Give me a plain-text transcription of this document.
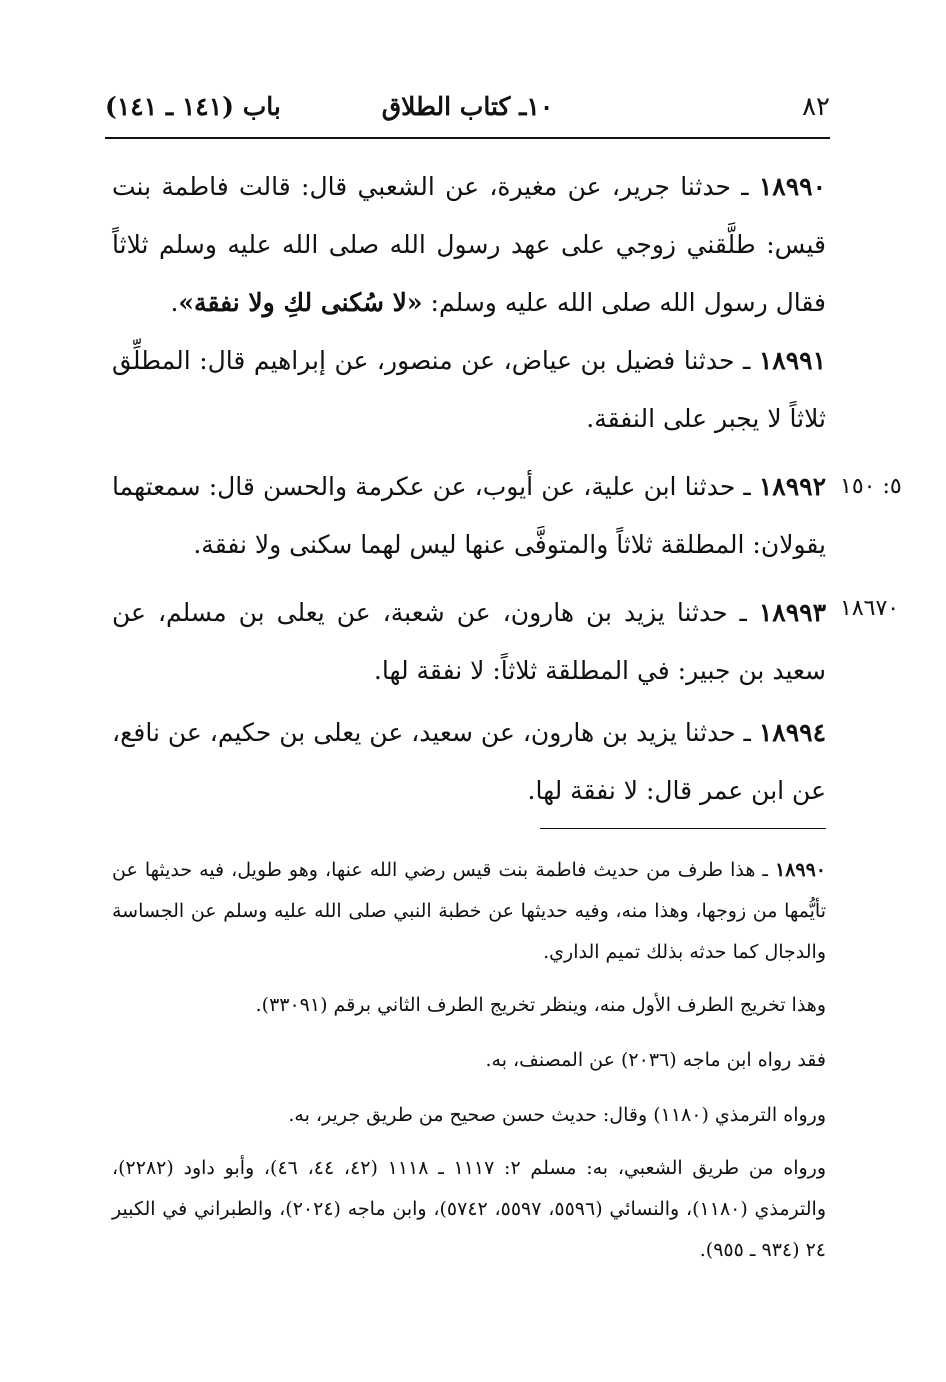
٨٢
١٠ـ كتاب الطلاق
باب (١٤١ ـ ١٤١)
١٨٩٩٠ ـ حدثنا جرير، عن مغيرة، عن الشعبي قال: قالت فاطمة بنت قيس: طلَّقني زوجي على عهد رسول الله صلى الله عليه وسلم ثلاثاً فقال رسول الله صلى الله عليه وسلم: «لا سُكنى لكِ ولا نفقة».
١٨٩٩١ ـ حدثنا فضيل بن عياض، عن منصور، عن إبراهيم قال: المطلِّق ثلاثاً لا يجبر على النفقة.
١٨٩٩٢ ـ حدثنا ابن علية، عن أيوب، عن عكرمة والحسن قال: سمعتهما يقولان: المطلقة ثلاثاً والمتوفَّى عنها ليس لهما سكنى ولا نفقة.
٥: ١٥٠
١٨٩٩٣ ـ حدثنا يزيد بن هارون، عن شعبة، عن يعلى بن مسلم، عن سعيد بن جبير: في المطلقة ثلاثاً: لا نفقة لها.
١٨٦٧٠
١٨٩٩٤ ـ حدثنا يزيد بن هارون، عن سعيد، عن يعلى بن حكيم، عن نافع، عن ابن عمر قال: لا نفقة لها.
١٨٩٩٠ ـ هذا طرف من حديث فاطمة بنت قيس رضي الله عنها، وهو طويل، فيه حديثها عن تأيُّمها من زوجها، وهذا منه، وفيه حديثها عن خطبة النبي صلى الله عليه وسلم عن الجساسة والدجال كما حدثه بذلك تميم الداري.
وهذا تخريج الطرف الأول منه، وينظر تخريج الطرف الثاني برقم (٣٣٠٩١).
فقد رواه ابن ماجه (٢٠٣٦) عن المصنف، به.
ورواه الترمذي (١١٨٠) وقال: حديث حسن صحيح من طريق جرير، به.
ورواه من طريق الشعبي، به: مسلم ٢: ١١١٧ ـ ١١١٨ (٤٢، ٤٤، ٤٦)، وأبو داود (٢٢٨٢)، والترمذي (١١٨٠)، والنسائي (٥٥٩٦، ٥٥٩٧، ٥٧٤٢)، وابن ماجه (٢٠٢٤)، والطبراني في الكبير ٢٤ (٩٣٤ ـ ٩٥٥).
